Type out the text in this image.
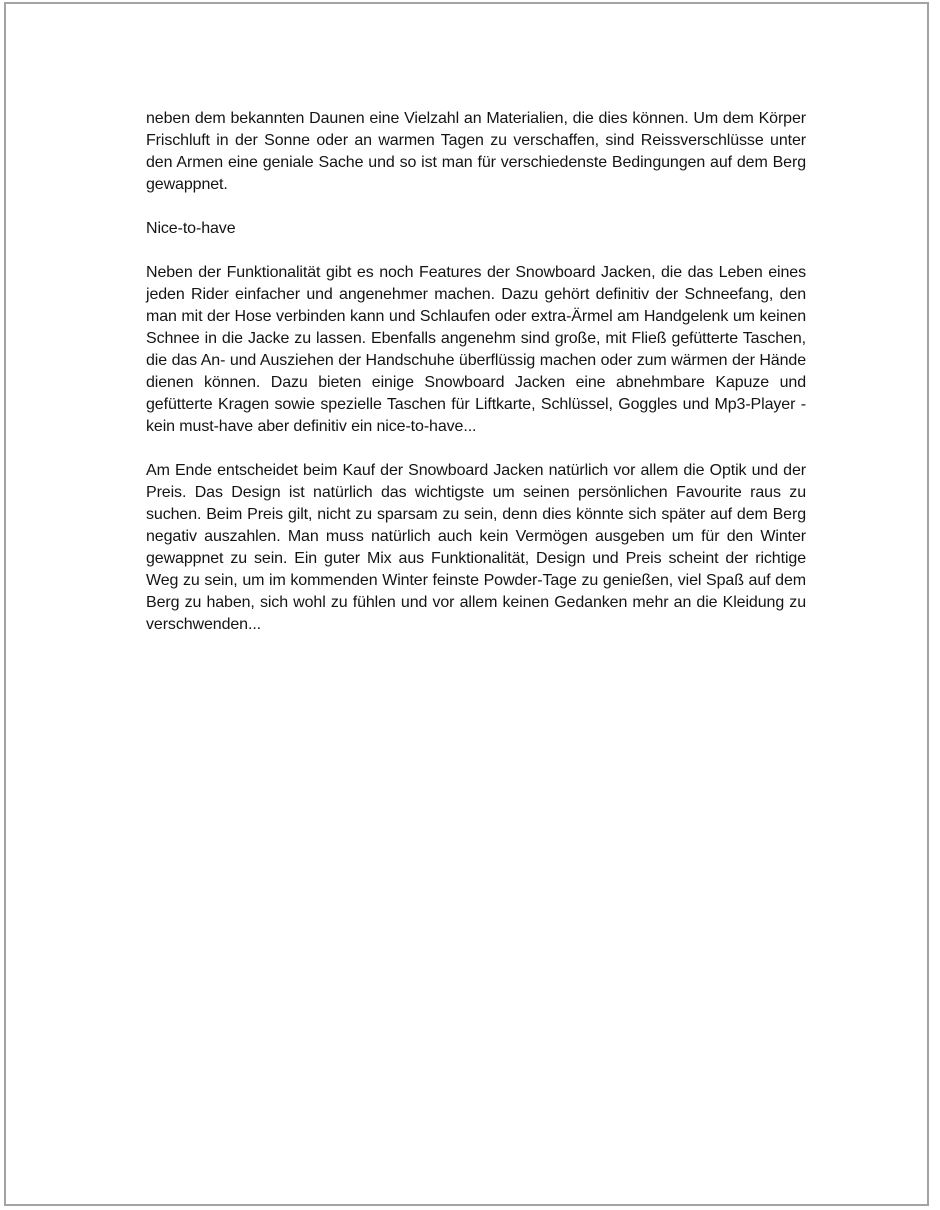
neben dem bekannten Daunen eine Vielzahl an Materialien, die dies können. Um dem Körper Frischluft in der Sonne oder an warmen Tagen zu verschaffen, sind Reissverschlüsse unter den Armen eine geniale Sache und so ist man für verschiedenste Bedingungen auf dem Berg gewappnet.

Nice-to-have

Neben der Funktionalität gibt es noch Features der Snowboard Jacken, die das Leben eines jeden Rider einfacher und angenehmer machen. Dazu gehört definitiv der Schneefang, den man mit der Hose verbinden kann und Schlaufen oder extra-Ärmel am Handgelenk um keinen Schnee in die Jacke zu lassen. Ebenfalls angenehm sind große, mit Fließ gefütterte Taschen, die das An- und Ausziehen der Handschuhe überflüssig machen oder zum wärmen der Hände dienen können. Dazu bieten einige Snowboard Jacken eine abnehmbare Kapuze und gefütterte Kragen sowie spezielle Taschen für Liftkarte, Schlüssel, Goggles und Mp3-Player - kein must-have aber definitiv ein nice-to-have...

Am Ende entscheidet beim Kauf der Snowboard Jacken natürlich vor allem die Optik und der Preis. Das Design ist natürlich das wichtigste um seinen persönlichen Favourite raus zu suchen. Beim Preis gilt, nicht zu sparsam zu sein, denn dies könnte sich später auf dem Berg negativ auszahlen. Man muss natürlich auch kein Vermögen ausgeben um für den Winter gewappnet zu sein. Ein guter Mix aus Funktionalität, Design und Preis scheint der richtige Weg zu sein, um im kommenden Winter feinste Powder-Tage zu genießen, viel Spaß auf dem Berg zu haben, sich wohl zu fühlen und vor allem keinen Gedanken mehr an die Kleidung zu verschwenden...
